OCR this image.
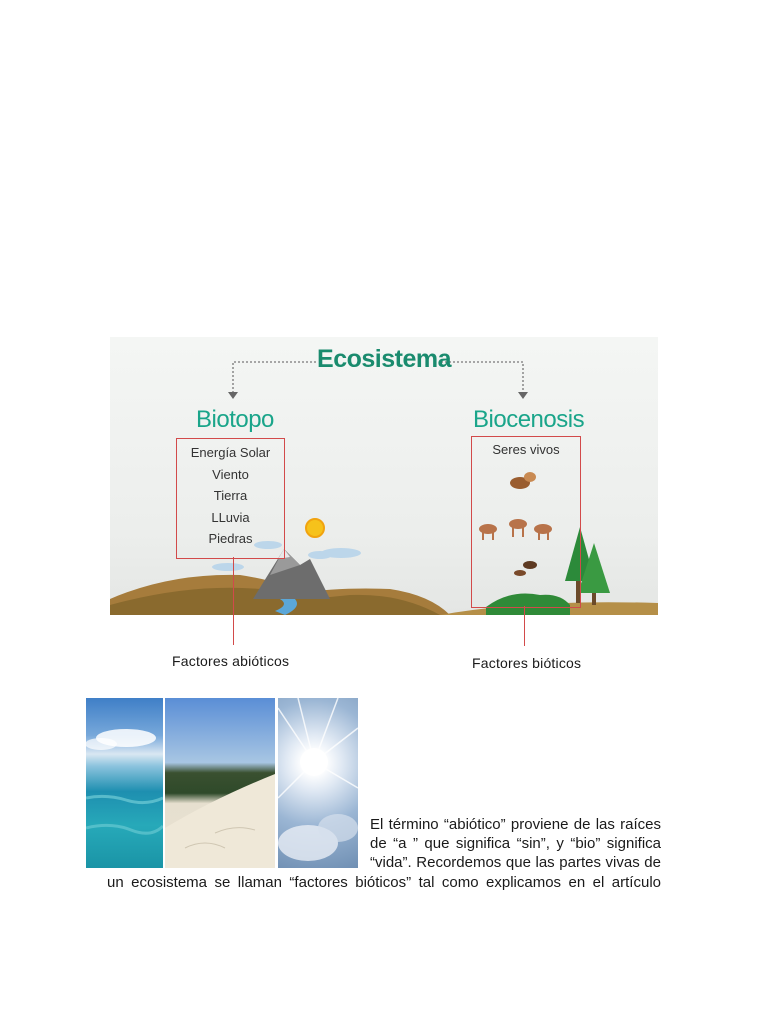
Ecosistema
Biotopo	Biocenosis
Energía Solar
Viento
Tierra
LLuvia
Piedras
Seres vivos
Factores abióticos	Factores bióticos
El término “abiótico” proviene de las raíces
de “a ” que significa “sin”, y “bio” significa
“vida”. Recordemos que las partes vivas de
un ecosistema se llaman “factores bióticos” tal como explicamos en el artículo
